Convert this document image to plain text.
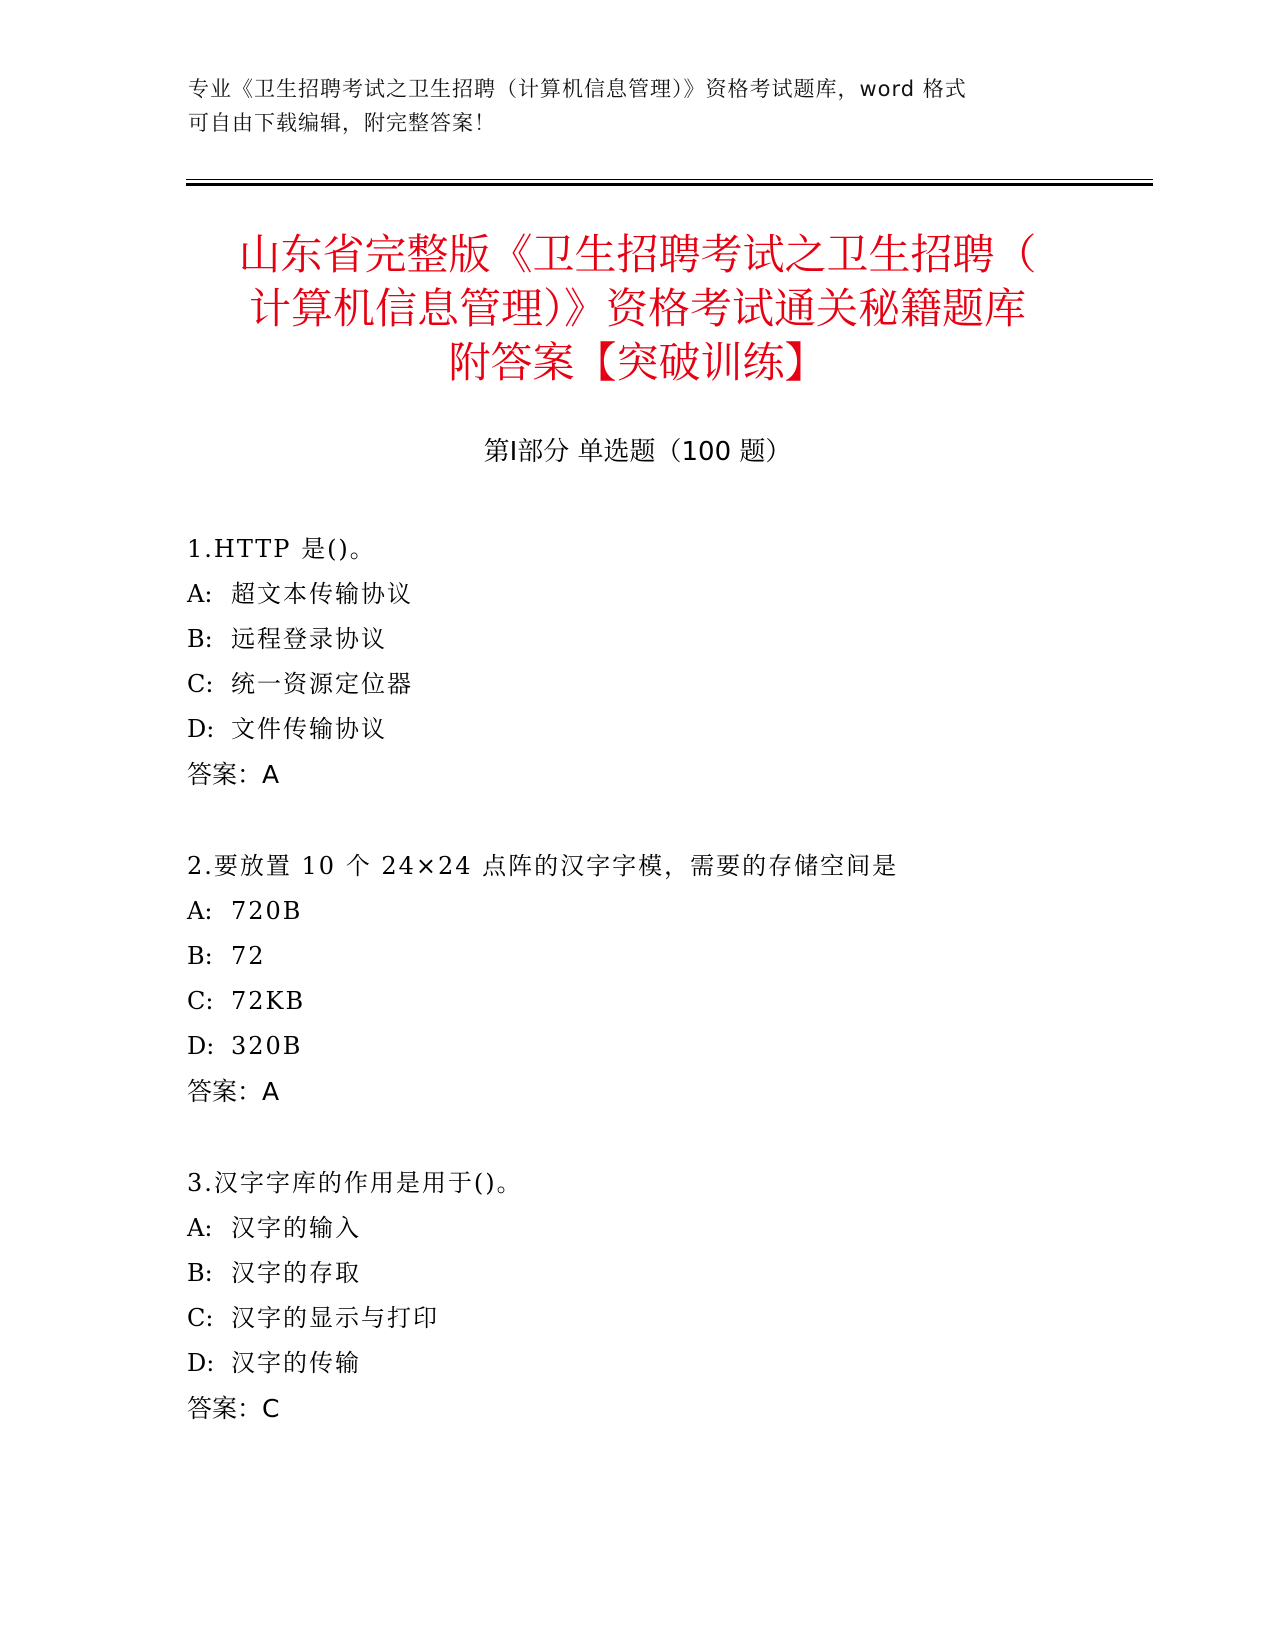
专业《卫生招聘考试之卫生招聘（计算机信息管理）》资格考试题库，word 格式
可自由下载编辑，附完整答案！
山东省完整版《卫生招聘考试之卫生招聘（
计算机信息管理）》资格考试通关秘籍题库
附答案【突破训练】
第Ⅰ部分 单选题（100 题）
1.HTTP 是()。
A: 超文本传输协议
B: 远程登录协议
C: 统一资源定位器
D: 文件传输协议
答案：A
2.要放置 10 个 24×24 点阵的汉字字模，需要的存储空间是
A: 720B
B: 72
C: 72KB
D: 320B
答案：A
3.汉字字库的作用是用于()。
A: 汉字的输入
B: 汉字的存取
C: 汉字的显示与打印
D: 汉字的传输
答案：C
